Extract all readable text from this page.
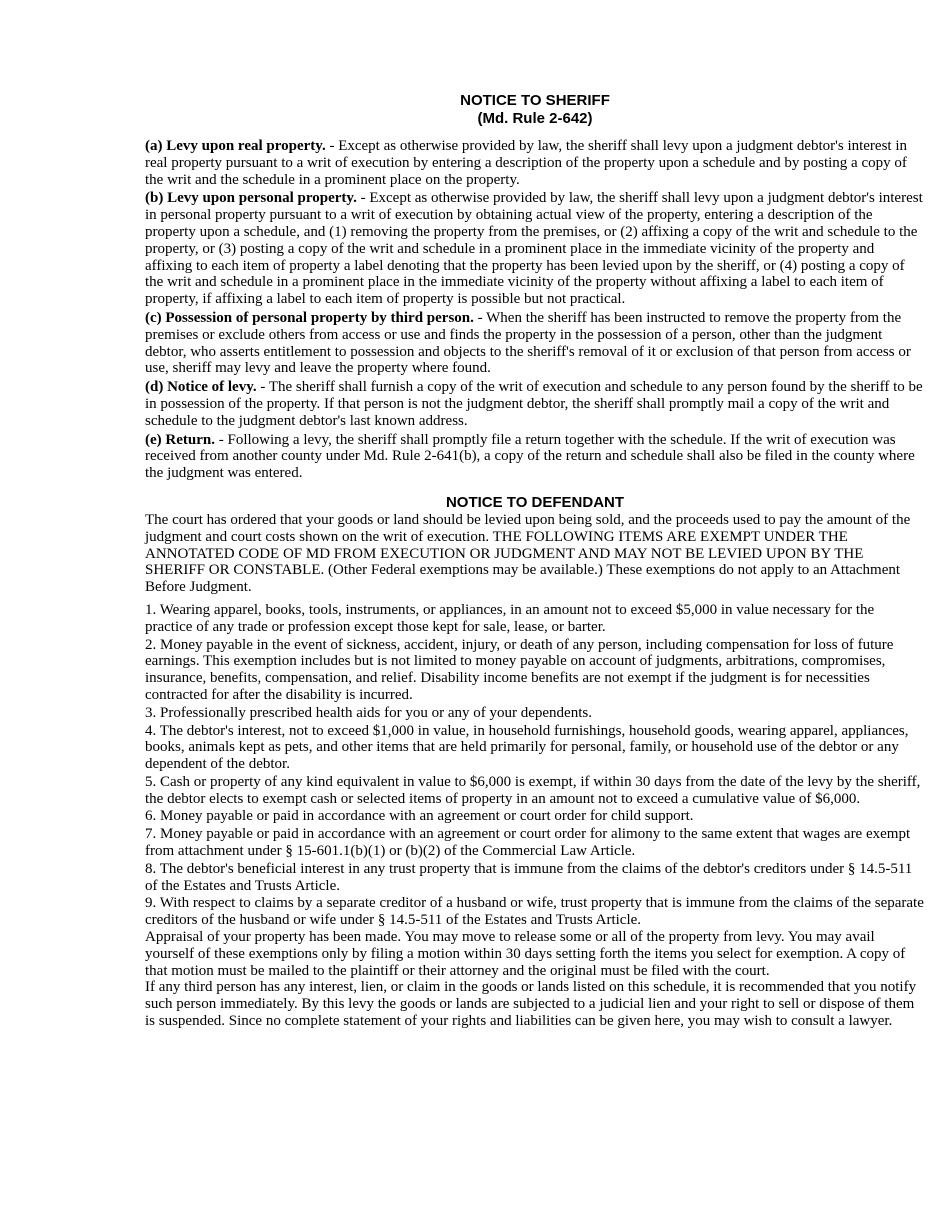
NOTICE TO SHERIFF
(Md. Rule 2-642)

(a) Levy upon real property. - Except as otherwise provided by law, the sheriff shall levy upon a judgment debtor's interest in real property pursuant to a writ of execution by entering a description of the property upon a schedule and by posting a copy of the writ and the schedule in a prominent place on the property.

(b) Levy upon personal property. - Except as otherwise provided by law, the sheriff shall levy upon a judgment debtor's interest in personal property pursuant to a writ of execution by obtaining actual view of the property, entering a description of the property upon a schedule, and (1) removing the property from the premises, or (2) affixing a copy of the writ and schedule to the property, or (3) posting a copy of the writ and schedule in a prominent place in the immediate vicinity of the property and affixing to each item of property a label denoting that the property has been levied upon by the sheriff, or (4) posting a copy of the writ and schedule in a prominent place in the immediate vicinity of the property without affixing a label to each item of property, if affixing a label to each item of property is possible but not practical.

(c) Possession of personal property by third person. - When the sheriff has been instructed to remove the property from the premises or exclude others from access or use and finds the property in the possession of a person, other than the judgment debtor, who asserts entitlement to possession and objects to the sheriff's removal of it or exclusion of that person from access or use, sheriff may levy and leave the property where found.

(d) Notice of levy. - The sheriff shall furnish a copy of the writ of execution and schedule to any person found by the sheriff to be in possession of the property. If that person is not the judgment debtor, the sheriff shall promptly mail a copy of the writ and schedule to the judgment debtor's last known address.

(e) Return. - Following a levy, the sheriff shall promptly file a return together with the schedule. If the writ of execution was received from another county under Md. Rule 2-641(b), a copy of the return and schedule shall also be filed in the county where the judgment was entered.

NOTICE TO DEFENDANT

The court has ordered that your goods or land should be levied upon being sold, and the proceeds used to pay the amount of the judgment and court costs shown on the writ of execution. THE FOLLOWING ITEMS ARE EXEMPT UNDER THE ANNOTATED CODE OF MD FROM EXECUTION OR JUDGMENT AND MAY NOT BE LEVIED UPON BY THE SHERIFF OR CONSTABLE. (Other Federal exemptions may be available.) These exemptions do not apply to an Attachment Before Judgment.

1. Wearing apparel, books, tools, instruments, or appliances, in an amount not to exceed $5,000 in value necessary for the practice of any trade or profession except those kept for sale, lease, or barter.

2. Money payable in the event of sickness, accident, injury, or death of any person, including compensation for loss of future earnings. This exemption includes but is not limited to money payable on account of judgments, arbitrations, compromises, insurance, benefits, compensation, and relief. Disability income benefits are not exempt if the judgment is for necessities contracted for after the disability is incurred.

3. Professionally prescribed health aids for you or any of your dependents.

4. The debtor's interest, not to exceed $1,000 in value, in household furnishings, household goods, wearing apparel, appliances, books, animals kept as pets, and other items that are held primarily for personal, family, or household use of the debtor or any dependent of the debtor.

5. Cash or property of any kind equivalent in value to $6,000 is exempt, if within 30 days from the date of the levy by the sheriff, the debtor elects to exempt cash or selected items of property in an amount not to exceed a cumulative value of $6,000.

6. Money payable or paid in accordance with an agreement or court order for child support.

7. Money payable or paid in accordance with an agreement or court order for alimony to the same extent that wages are exempt from attachment under § 15-601.1(b)(1) or (b)(2) of the Commercial Law Article.

8. The debtor's beneficial interest in any trust property that is immune from the claims of the debtor's creditors under § 14.5-511 of the Estates and Trusts Article.

9. With respect to claims by a separate creditor of a husband or wife, trust property that is immune from the claims of the separate creditors of the husband or wife under § 14.5-511 of the Estates and Trusts Article.

Appraisal of your property has been made. You may move to release some or all of the property from levy. You may avail yourself of these exemptions only by filing a motion within 30 days setting forth the items you select for exemption. A copy of that motion must be mailed to the plaintiff or their attorney and the original must be filed with the court.

If any third person has any interest, lien, or claim in the goods or lands listed on this schedule, it is recommended that you notify such person immediately. By this levy the goods or lands are subjected to a judicial lien and your right to sell or dispose of them is suspended. Since no complete statement of your rights and liabilities can be given here, you may wish to consult a lawyer.
